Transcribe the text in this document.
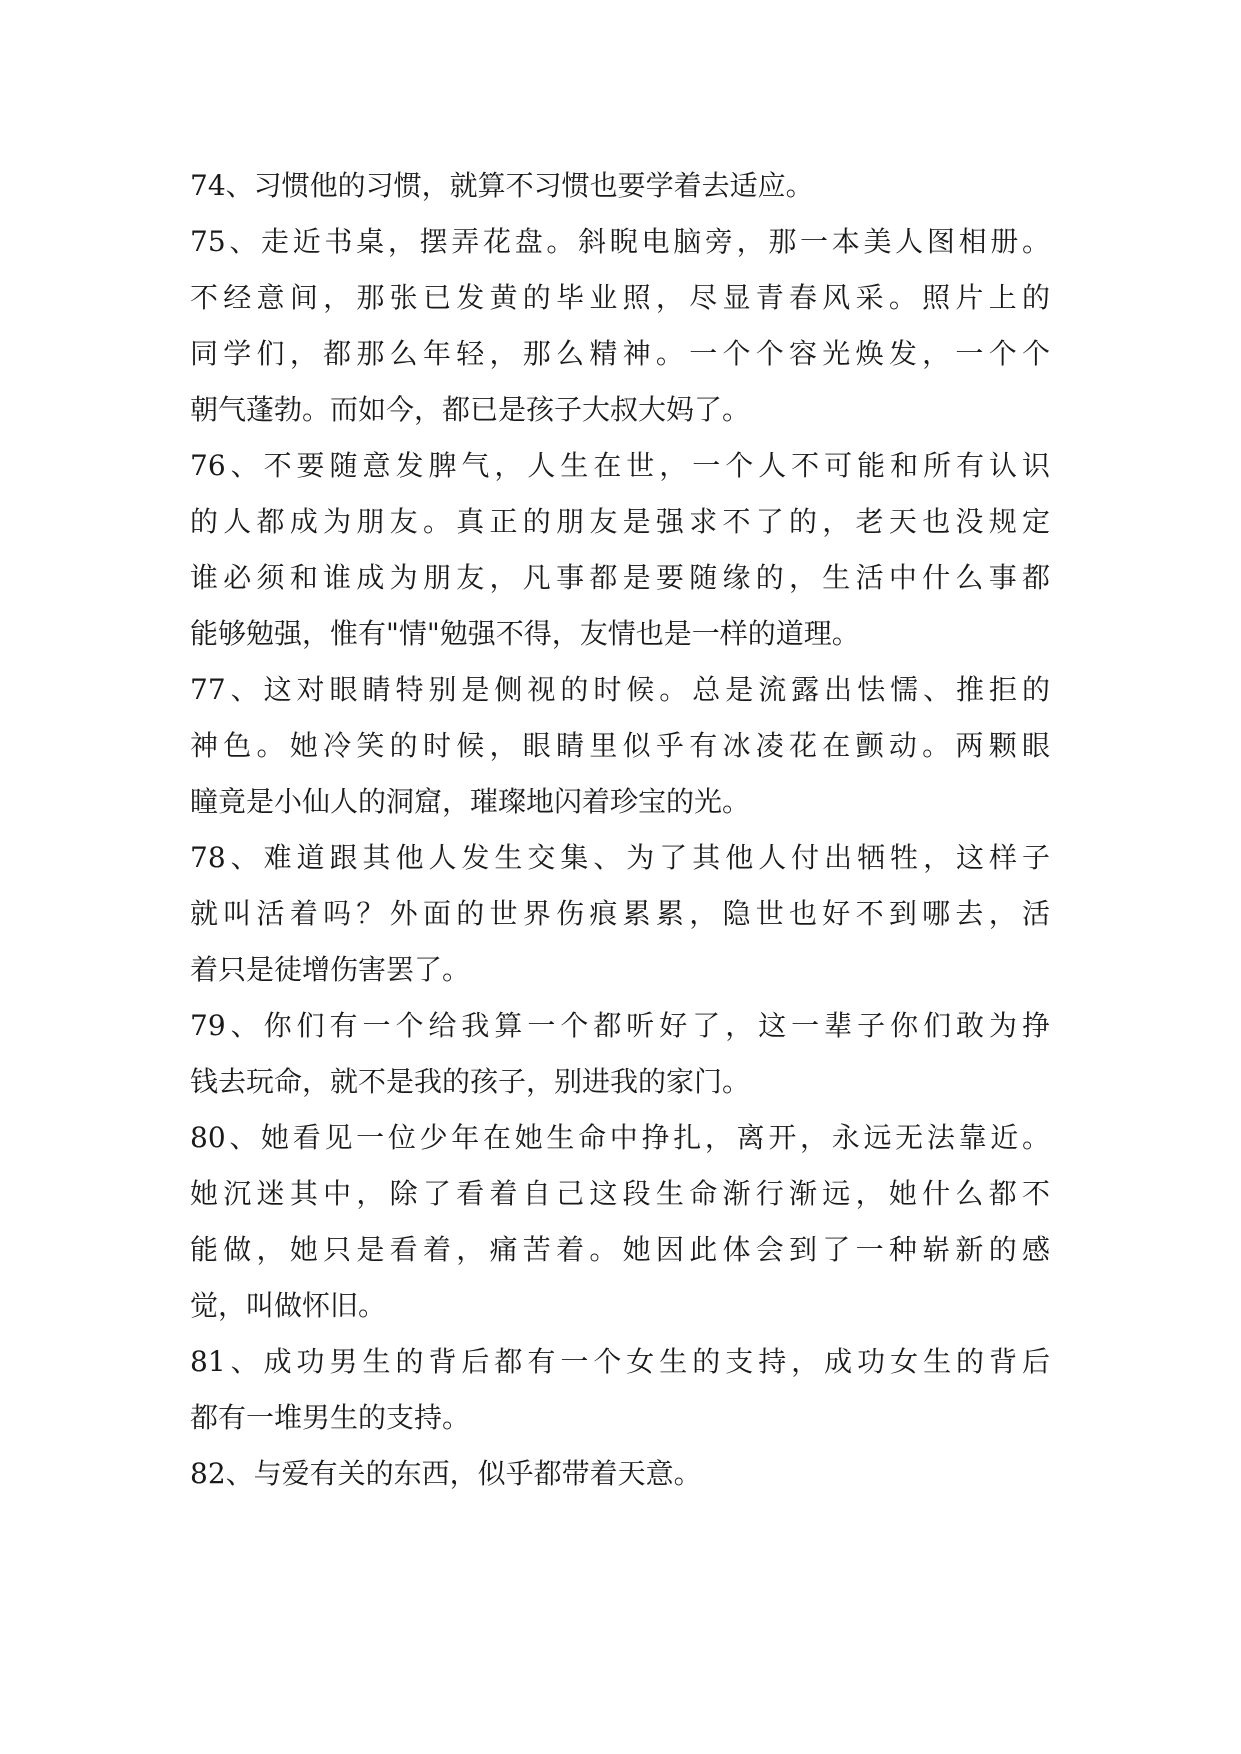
74、习惯他的习惯，就算不习惯也要学着去适应。
75、走近书桌，摆弄花盘。斜睨电脑旁，那一本美人图相册。
不经意间，那张已发黄的毕业照，尽显青春风采。照片上的
同学们，都那么年轻，那么精神。一个个容光焕发，一个个
朝气蓬勃。而如今，都已是孩子大叔大妈了。
76、不要随意发脾气，人生在世，一个人不可能和所有认识
的人都成为朋友。真正的朋友是强求不了的，老天也没规定
谁必须和谁成为朋友，凡事都是要随缘的，生活中什么事都
能够勉强，惟有"情"勉强不得，友情也是一样的道理。
77、这对眼睛特别是侧视的时候。总是流露出怯懦、推拒的
神色。她冷笑的时候，眼睛里似乎有冰凌花在颤动。两颗眼
瞳竟是小仙人的洞窟，璀璨地闪着珍宝的光。
78、难道跟其他人发生交集、为了其他人付出牺牲，这样子
就叫活着吗？外面的世界伤痕累累，隐世也好不到哪去，活
着只是徒增伤害罢了。
79、你们有一个给我算一个都听好了，这一辈子你们敢为挣
钱去玩命，就不是我的孩子，别进我的家门。
80、她看见一位少年在她生命中挣扎，离开，永远无法靠近。
她沉迷其中，除了看着自己这段生命渐行渐远，她什么都不
能做，她只是看着，痛苦着。她因此体会到了一种崭新的感
觉，叫做怀旧。
81、成功男生的背后都有一个女生的支持，成功女生的背后
都有一堆男生的支持。
82、与爱有关的东西，似乎都带着天意。
